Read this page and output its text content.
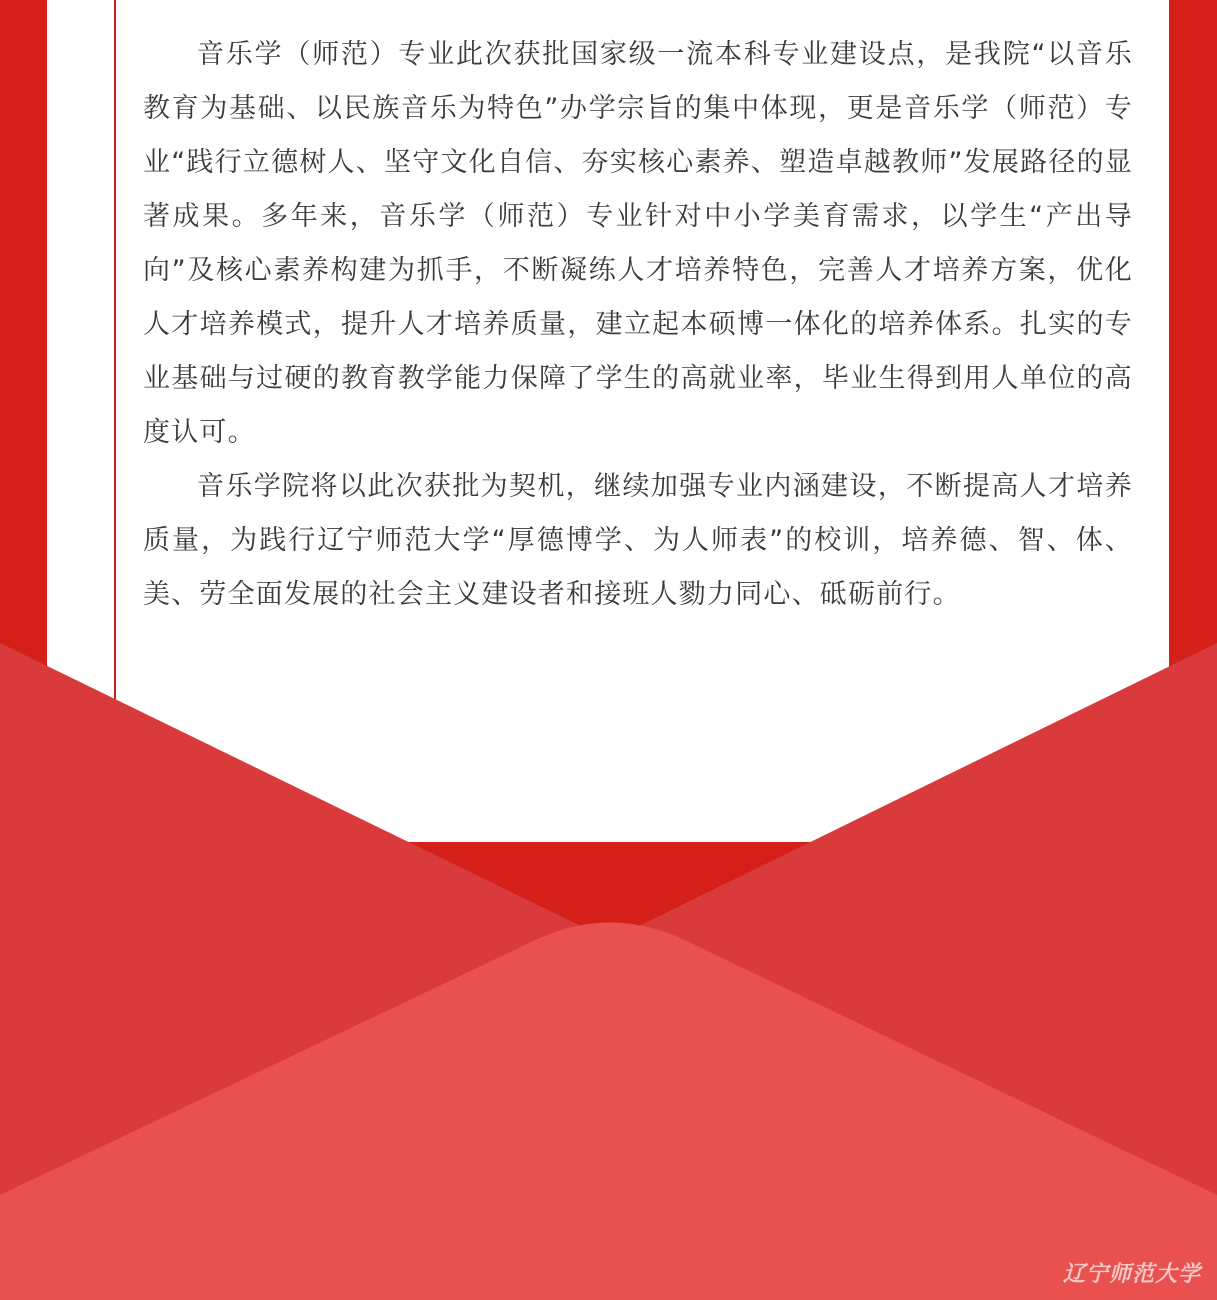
音乐学（师范）专业此次获批国家级一流本科专业建设点，是我院“以音乐教育为基础、以民族音乐为特色”办学宗旨的集中体现，更是音乐学（师范）专业“践行立德树人、坚守文化自信、夯实核心素养、塑造卓越教师”发展路径的显著成果。多年来，音乐学（师范）专业针对中小学美育需求，以学生“产出导向”及核心素养构建为抓手，不断凝练人才培养特色，完善人才培养方案，优化人才培养模式，提升人才培养质量，建立起本硕博一体化的培养体系。扎实的专业基础与过硬的教育教学能力保障了学生的高就业率，毕业生得到用人单位的高度认可。

音乐学院将以此次获批为契机，继续加强专业内涵建设，不断提高人才培养质量，为践行辽宁师范大学“厚德博学、为人师表”的校训，培养德、智、体、美、劳全面发展的社会主义建设者和接班人勠力同心、砥砺前行。

辽宁师范大学
